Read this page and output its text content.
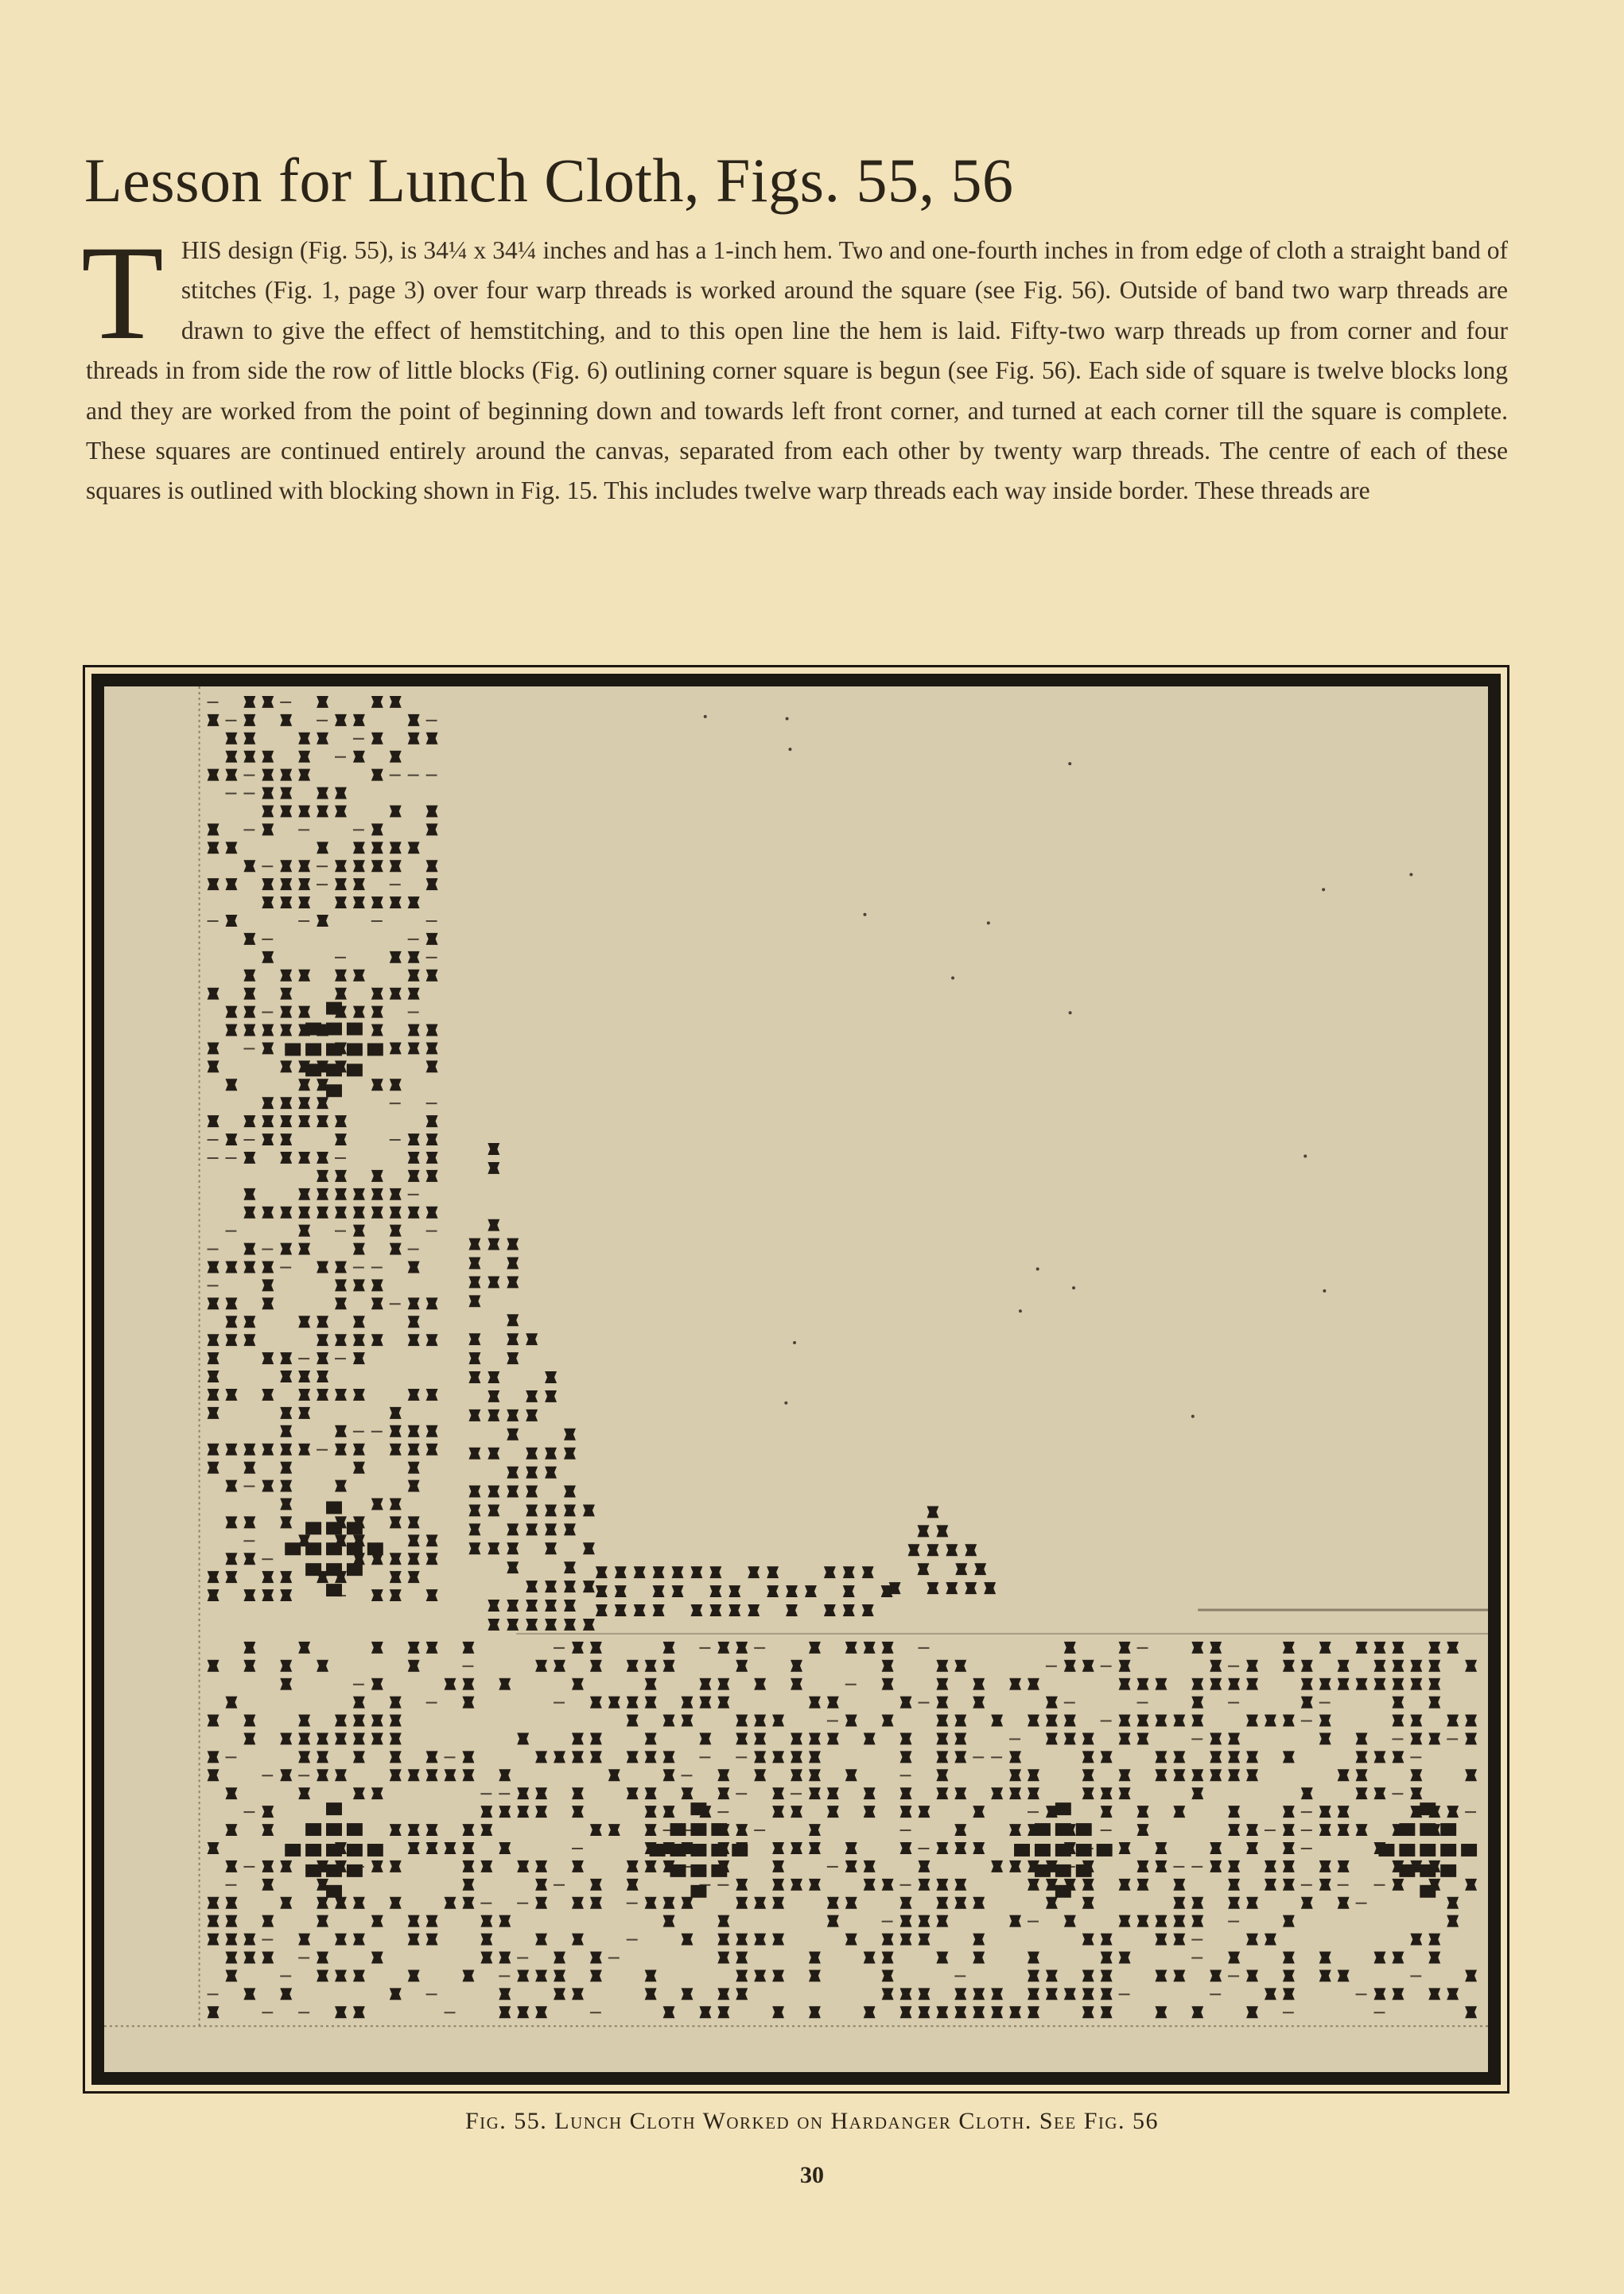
Lesson for Lunch Cloth, Figs. 55, 56

THIS design (Fig. 55), is 34¼ x 34¼ inches and has a 1-inch hem. Two and one-fourth inches in from edge of cloth a straight band of stitches (Fig. 1, page 3) over four warp threads is worked around the square (see Fig. 56). Outside of band two warp threads are drawn to give the effect of hemstitching, and to this open line the hem is laid. Fifty-two warp threads up from corner and four threads in from side the row of little blocks (Fig. 6) outlining corner square is begun (see Fig. 56). Each side of square is twelve blocks long and they are worked from the point of beginning down and towards left front corner, and turned at each corner till the square is complete. These squares are continued entirely around the canvas, separated from each other by twenty warp threads. The centre of each of these squares is outlined with blocking shown in Fig. 15. This includes twelve warp threads each way inside border. These threads are

Fig. 55. Lunch Cloth Worked on Hardanger Cloth. See Fig. 56
30
